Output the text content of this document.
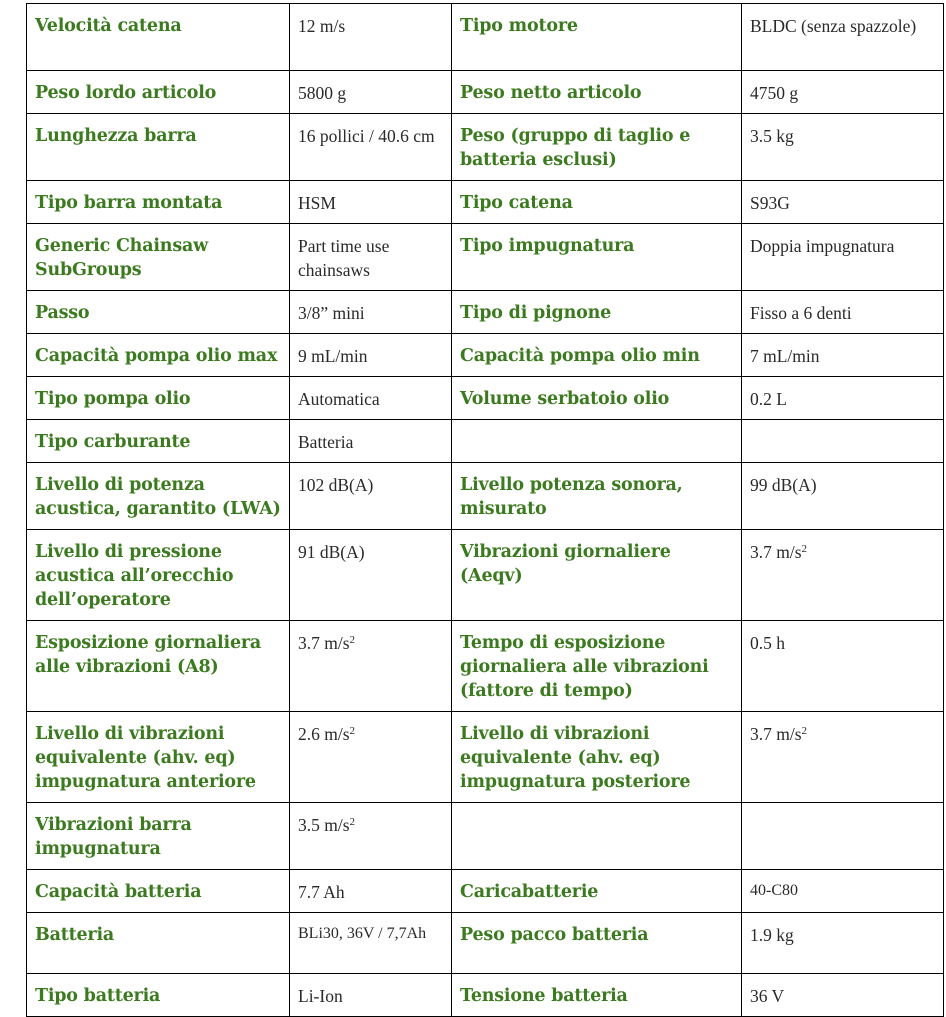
Velocità catena	12 m/s	Tipo motore	BLDC (senza spazzole)
Peso lordo articolo	5800 g	Peso netto articolo	4750 g
Lunghezza barra	16 pollici / 40.6 cm	Peso (gruppo di taglio e batteria esclusi)	3.5 kg
Tipo barra montata	HSM	Tipo catena	S93G
Generic Chainsaw SubGroups	Part time use chainsaws	Tipo impugnatura	Doppia impugnatura
Passo	3/8” mini	Tipo di pignone	Fisso a 6 denti
Capacità pompa olio max	9 mL/min	Capacità pompa olio min	7 mL/min
Tipo pompa olio	Automatica	Volume serbatoio olio	0.2 L
Tipo carburante	Batteria		
Livello di potenza acustica, garantito (LWA)	102 dB(A)	Livello potenza sonora, misurato	99 dB(A)
Livello di pressione acustica all’orecchio dell’operatore	91 dB(A)	Vibrazioni giornaliere (Aeqv)	3.7 $m/s^2$
Esposizione giornaliera alle vibrazioni (A8)	3.7 $m/s^2$	Tempo di esposizione giornaliera alle vibrazioni (fattore di tempo)	0.5 h
Livello di vibrazioni equivalente (ahv. eq) impugnatura anteriore	2.6 $m/s^2$	Livello di vibrazioni equivalente (ahv. eq) impugnatura posteriore	3.7 $m/s^2$
Vibrazioni barra impugnatura	3.5 $m/s^2$		
Capacità batteria	7.7 Ah	Caricabatterie	40-C80
Batteria	BLi30, 36V / 7,7Ah	Peso pacco batteria	1.9 kg
Tipo batteria	Li-Ion	Tensione batteria	36 V
